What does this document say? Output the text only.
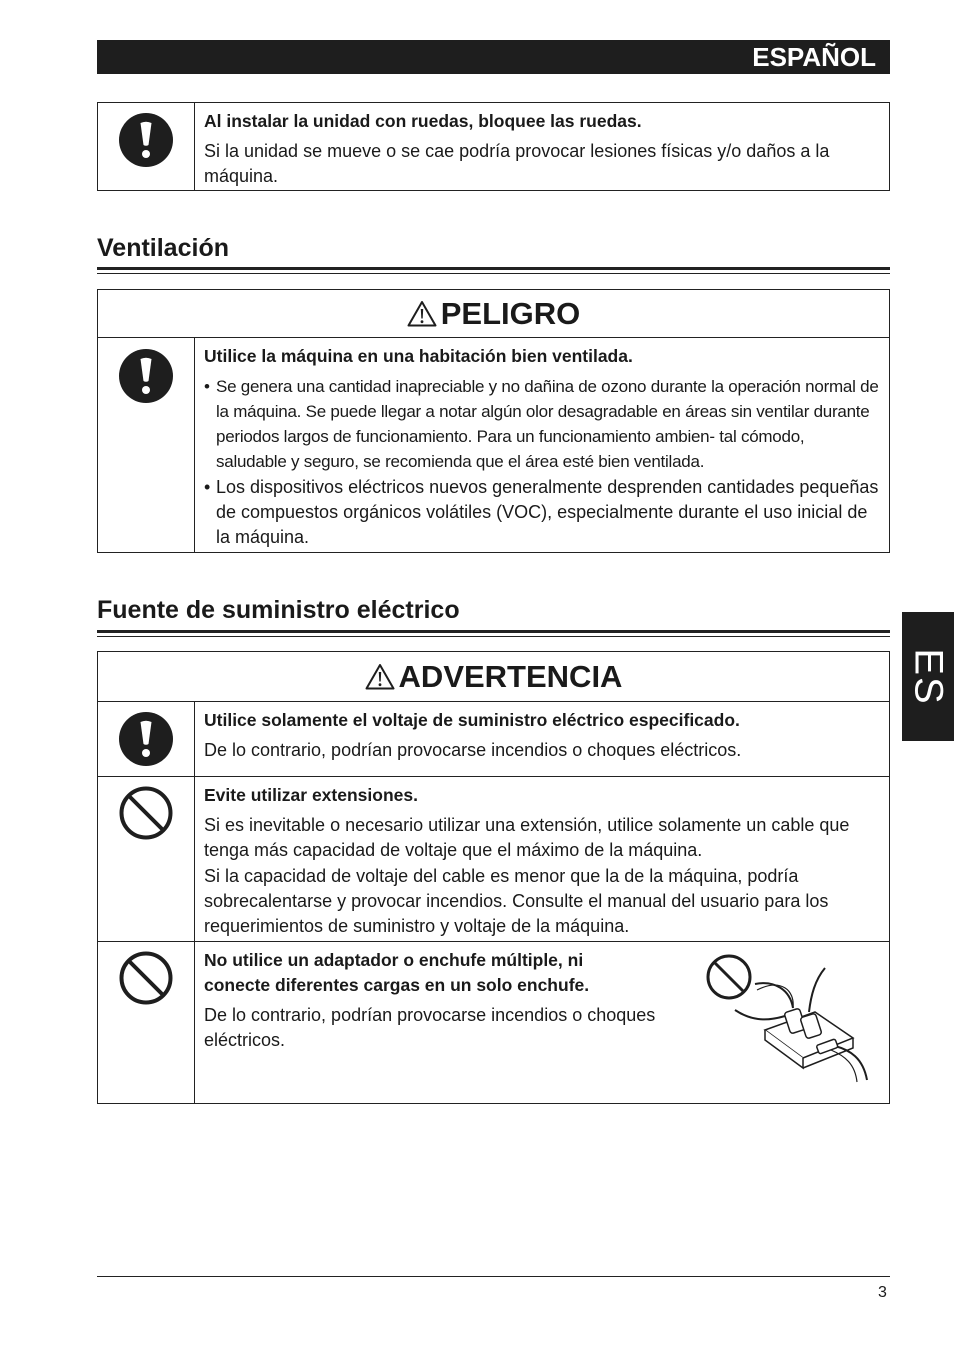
ESPAÑOL
ES
Al instalar la unidad con ruedas, bloquee las ruedas.
Si la unidad se mueve o se cae podría provocar lesiones físicas y/o daños a la máquina.
Ventilación
PELIGRO
Utilice la máquina en una habitación bien ventilada.
• Se genera una cantidad inapreciable y no dañina de ozono durante la operación normal de la máquina. Se puede llegar a notar algún olor desagradable en áreas sin ventilar durante periodos largos de funcionamiento. Para un funcionamiento ambien- tal cómodo, saludable y seguro, se recomienda que el área esté bien ventilada.
• Los dispositivos eléctricos nuevos generalmente desprenden cantidades pequeñas de compuestos orgánicos volátiles (VOC), especialmente durante el uso inicial de la máquina.
Fuente de suministro eléctrico
ADVERTENCIA
Utilice solamente el voltaje de suministro eléctrico especificado.
De lo contrario, podrían provocarse incendios o choques eléctricos.
Evite utilizar extensiones.
Si es inevitable o necesario utilizar una extensión, utilice solamente un cable que tenga más capacidad de voltaje que el máximo de la máquina.
Si la capacidad de voltaje del cable es menor que la de la máquina, podría sobrecalentarse y provocar incendios. Consulte el manual del usuario para los requerimientos de suministro y voltaje de la máquina.
No utilice un adaptador o enchufe múltiple, ni
conecte diferentes cargas en un solo enchufe.
De lo contrario, podrían provocarse incendios o choques
eléctricos.
3
